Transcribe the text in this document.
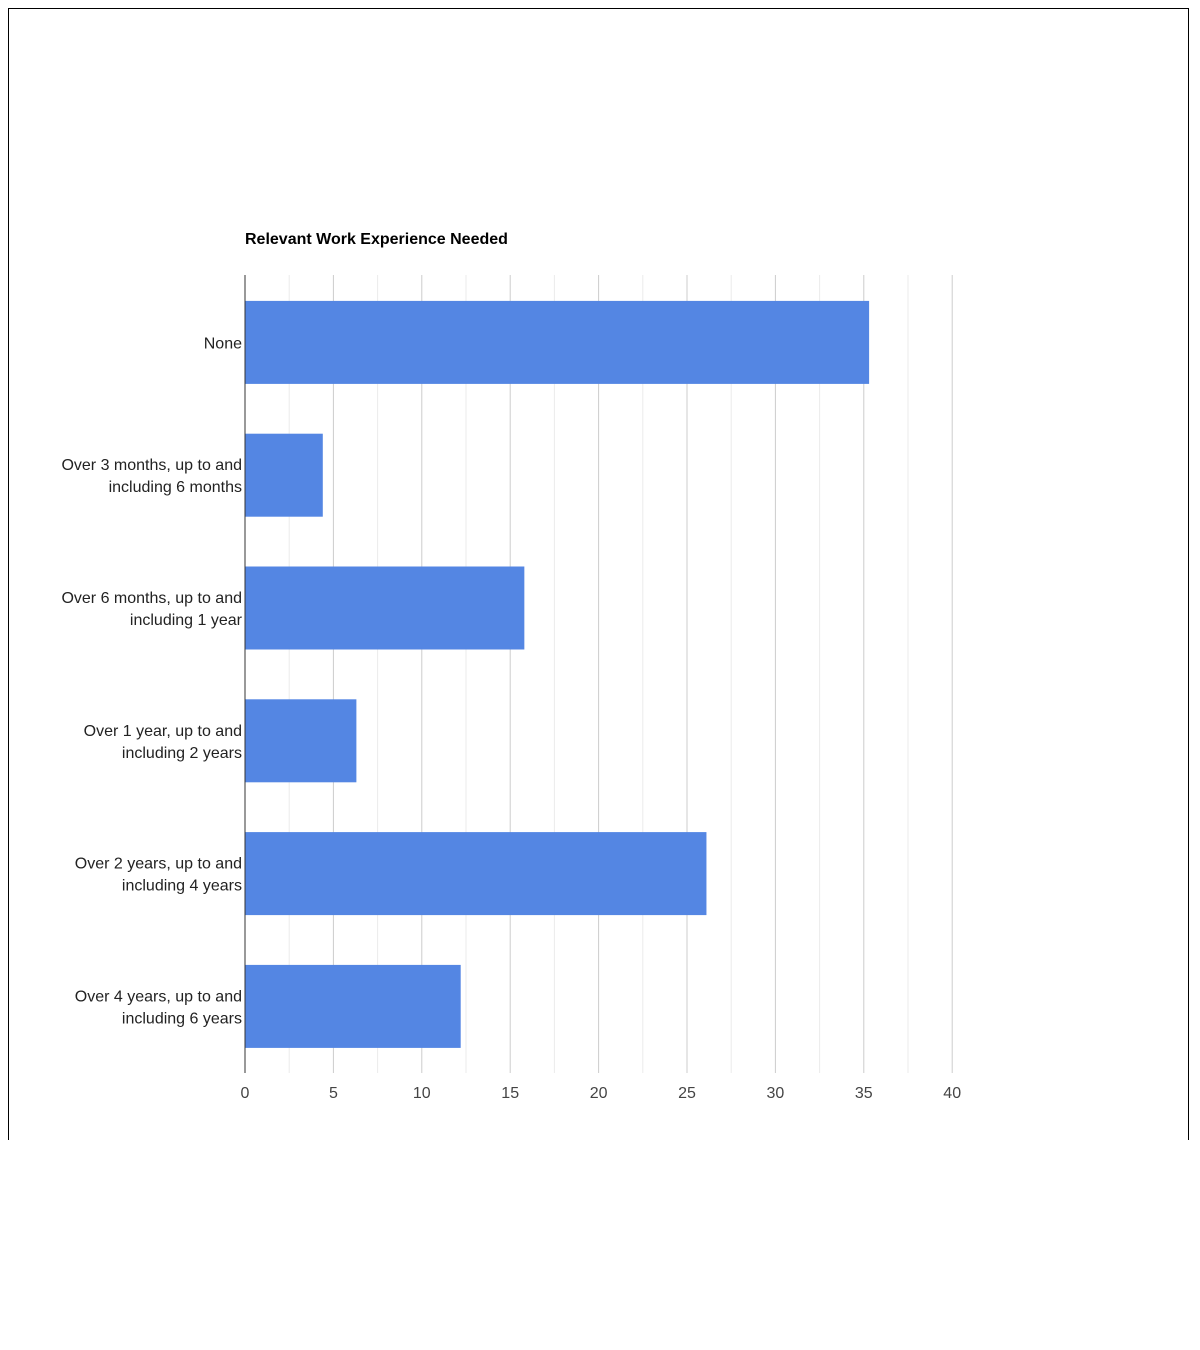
Relevant Work Experience Needed
None
Over 3 months, up to and
including 6 months
Over 6 months, up to and
including 1 year
Over 1 year, up to and
including 2 years
Over 2 years, up to and
including 4 years
Over 4 years, up to and
including 6 years
0	5	10	15	20	25	30	35	40
